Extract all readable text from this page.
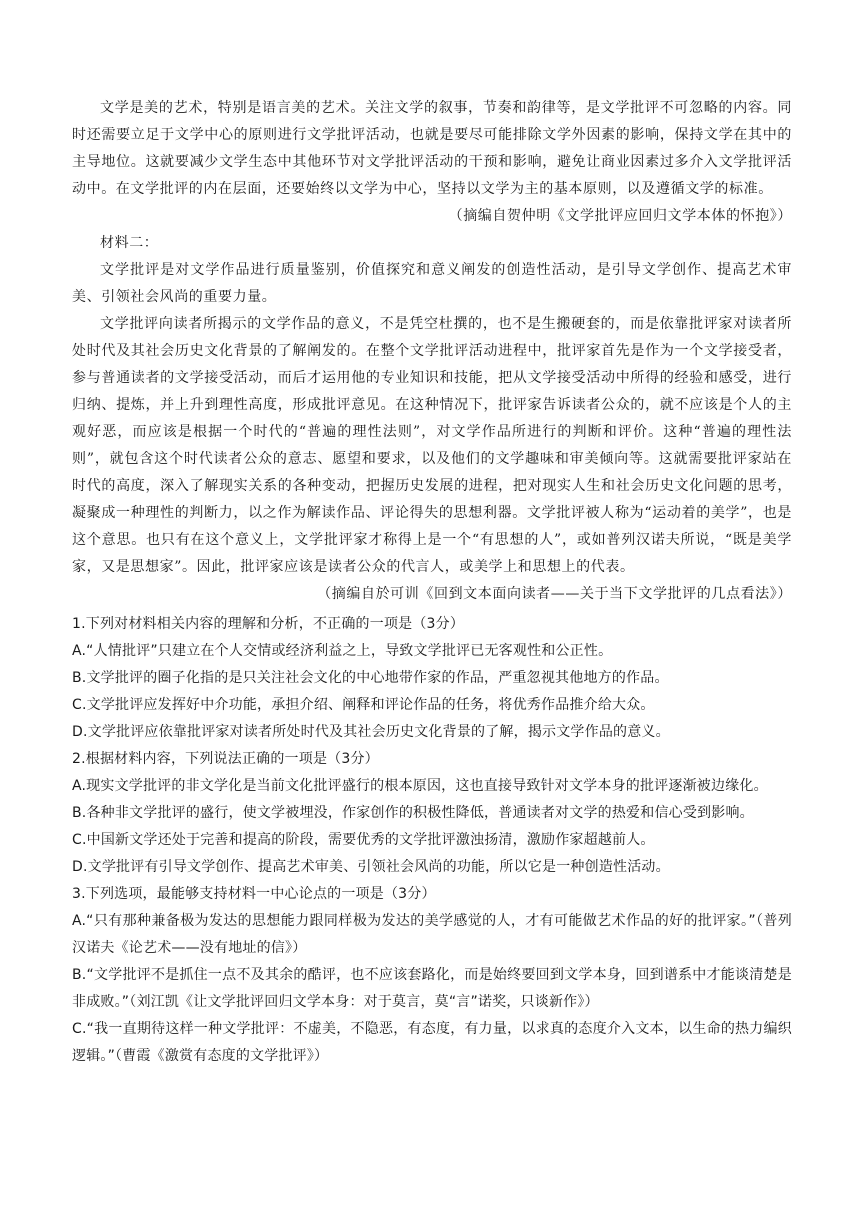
文学是美的艺术，特别是语言美的艺术。关注文学的叙事，节奏和韵律等，是文学批评不可忽略的内容。同时还需要立足于文学中心的原则进行文学批评活动，也就是要尽可能排除文学外因素的影响，保持文学在其中的主导地位。这就要减少文学生态中其他环节对文学批评活动的干预和影响，避免让商业因素过多介入文学批评活动中。在文学批评的内在层面，还要始终以文学为中心，坚持以文学为主的基本原则，以及遵循文学的标准。

（摘编自贺仲明《文学批评应回归文学本体的怀抱》）

材料二：

文学批评是对文学作品进行质量鉴别，价值探究和意义阐发的创造性活动，是引导文学创作、提高艺术审美、引领社会风尚的重要力量。

文学批评向读者所揭示的文学作品的意义，不是凭空杜撰的，也不是生搬硬套的，而是依靠批评家对读者所处时代及其社会历史文化背景的了解阐发的。在整个文学批评活动进程中，批评家首先是作为一个文学接受者，参与普通读者的文学接受活动，而后才运用他的专业知识和技能，把从文学接受活动中所得的经验和感受，进行归纳、提炼，并上升到理性高度，形成批评意见。在这种情况下，批评家告诉读者公众的，就不应该是个人的主观好恶，而应该是根据一个时代的“普遍的理性法则”，对文学作品所进行的判断和评价。这种“普遍的理性法则”，就包含这个时代读者公众的意志、愿望和要求，以及他们的文学趣味和审美倾向等。这就需要批评家站在时代的高度，深入了解现实关系的各种变动，把握历史发展的进程，把对现实人生和社会历史文化问题的思考，凝聚成一种理性的判断力，以之作为解读作品、评论得失的思想利器。文学批评被人称为“运动着的美学”，也是这个意思。也只有在这个意义上，文学批评家才称得上是一个“有思想的人”，或如普列汉诺夫所说，“既是美学家，又是思想家”。因此，批评家应该是读者公众的代言人，或美学上和思想上的代表。

（摘编自於可训《回到文本面向读者——关于当下文学批评的几点看法》）

1.下列对材料相关内容的理解和分析，不正确的一项是（3分）

A.“人情批评”只建立在个人交情或经济利益之上，导致文学批评已无客观性和公正性。

B.文学批评的圈子化指的是只关注社会文化的中心地带作家的作品，严重忽视其他地方的作品。

C.文学批评应发挥好中介功能，承担介绍、阐释和评论作品的任务，将优秀作品推介给大众。

D.文学批评应依靠批评家对读者所处时代及其社会历史文化背景的了解，揭示文学作品的意义。

2.根据材料内容，下列说法正确的一项是（3分）

A.现实文学批评的非文学化是当前文化批评盛行的根本原因，这也直接导致针对文学本身的批评逐渐被边缘化。

B.各种非文学批评的盛行，使文学被埋没，作家创作的积极性降低，普通读者对文学的热爱和信心受到影响。

C.中国新文学还处于完善和提高的阶段，需要优秀的文学批评激浊扬清，激励作家超越前人。

D.文学批评有引导文学创作、提高艺术审美、引领社会风尚的功能，所以它是一种创造性活动。

3.下列选项，最能够支持材料一中心论点的一项是（3分）

A.“只有那种兼备极为发达的思想能力跟同样极为发达的美学感觉的人，才有可能做艺术作品的好的批评家。”（普列汉诺夫《论艺术——没有地址的信》）

B.“文学批评不是抓住一点不及其余的酷评，也不应该套路化，而是始终要回到文学本身，回到谱系中才能谈清楚是非成败。”（刘江凯《让文学批评回归文学本身：对于莫言，莫“言”诺奖，只谈新作》）

C.“我一直期待这样一种文学批评：不虚美，不隐恶，有态度，有力量，以求真的态度介入文本，以生命的热力编织逻辑。”（曹霞《激赏有态度的文学批评》）
